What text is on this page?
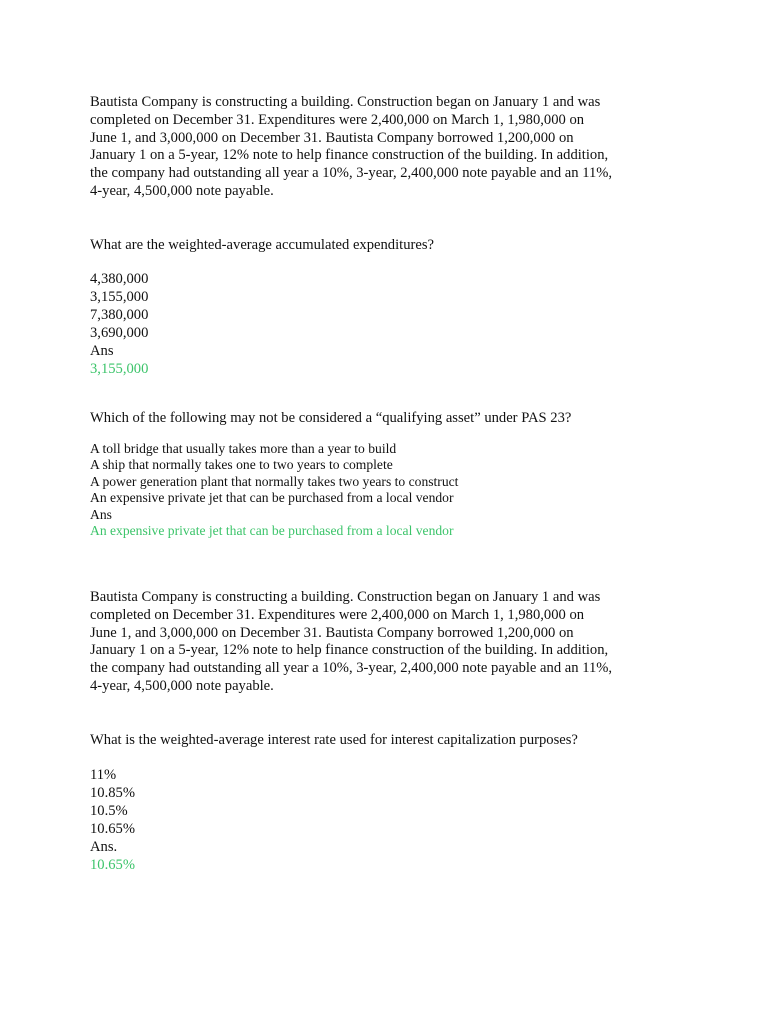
Bautista Company is constructing a building. Construction began on January 1 and was
completed on December 31. Expenditures were 2,400,000 on March 1, 1,980,000 on
June 1, and 3,000,000 on December 31. Bautista Company borrowed 1,200,000 on
January 1 on a 5-year, 12% note to help finance construction of the building. In addition,
the company had outstanding all year a 10%, 3-year, 2,400,000 note payable and an 11%,
4-year, 4,500,000 note payable.
What are the weighted-average accumulated expenditures?
4,380,000
3,155,000
7,380,000
3,690,000
Ans
3,155,000
Which of the following may not be considered a “qualifying asset” under PAS 23?
A toll bridge that usually takes more than a year to build
A ship that normally takes one to two years to complete
A power generation plant that normally takes two years to construct
An expensive private jet that can be purchased from a local vendor
Ans
An expensive private jet that can be purchased from a local vendor
Bautista Company is constructing a building. Construction began on January 1 and was
completed on December 31. Expenditures were 2,400,000 on March 1, 1,980,000 on
June 1, and 3,000,000 on December 31. Bautista Company borrowed 1,200,000 on
January 1 on a 5-year, 12% note to help finance construction of the building. In addition,
the company had outstanding all year a 10%, 3-year, 2,400,000 note payable and an 11%,
4-year, 4,500,000 note payable.
What is the weighted-average interest rate used for interest capitalization purposes?
11%
10.85%
10.5%
10.65%
Ans.
10.65%
